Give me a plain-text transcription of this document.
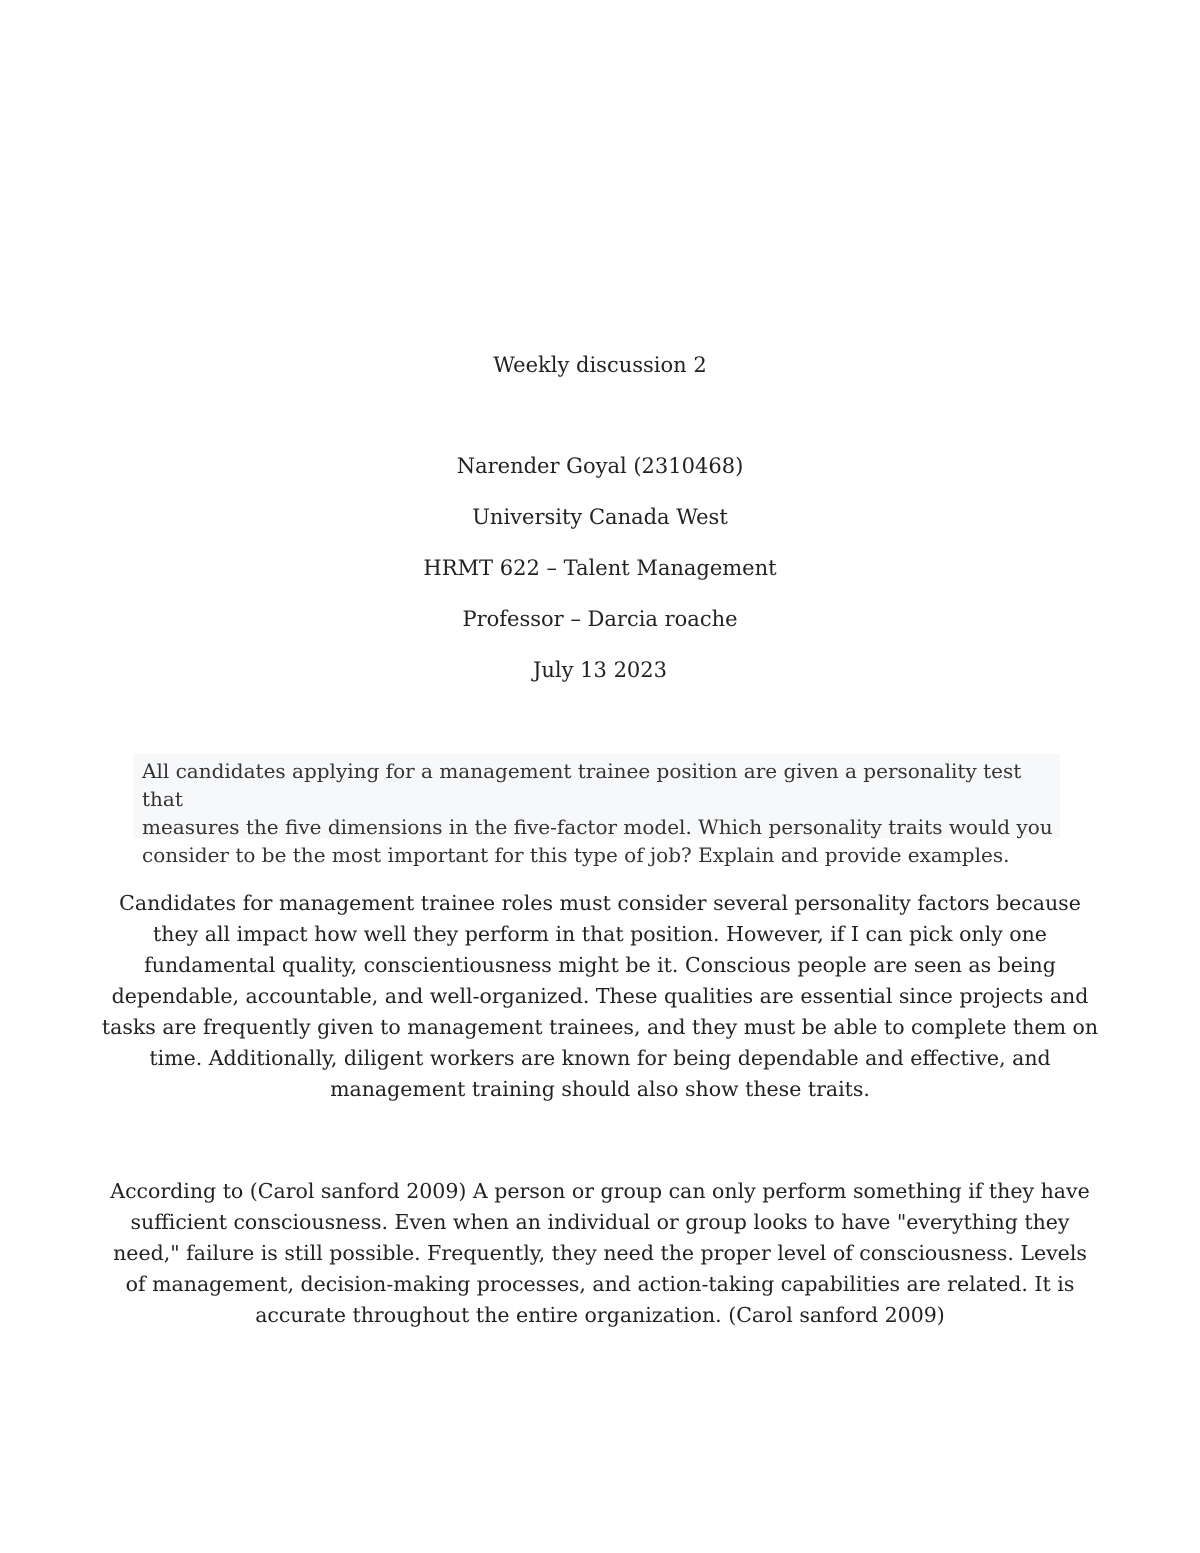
Weekly discussion 2
Narender Goyal (2310468)
University Canada West
HRMT 622 – Talent Management
Professor – Darcia roache
July 13 2023

All candidates applying for a management trainee position are given a personality test that

measures the five dimensions in the five-factor model. Which personality traits would you

consider to be the most important for this type of job? Explain and provide examples.

Candidates for management trainee roles must consider several personality factors because they all impact how well they perform in that position. However, if I can pick only one fundamental quality, conscientiousness might be it. Conscious people are seen as being dependable, accountable, and well-organized. These qualities are essential since projects and tasks are frequently given to management trainees, and they must be able to complete them on time. Additionally, diligent workers are known for being dependable and effective, and management training should also show these traits.

According to (Carol sanford 2009) A person or group can only perform something if they have sufficient consciousness. Even when an individual or group looks to have "everything they need," failure is still possible. Frequently, they need the proper level of consciousness. Levels of management, decision-making processes, and action-taking capabilities are related. It is accurate throughout the entire organization. (Carol sanford 2009)
